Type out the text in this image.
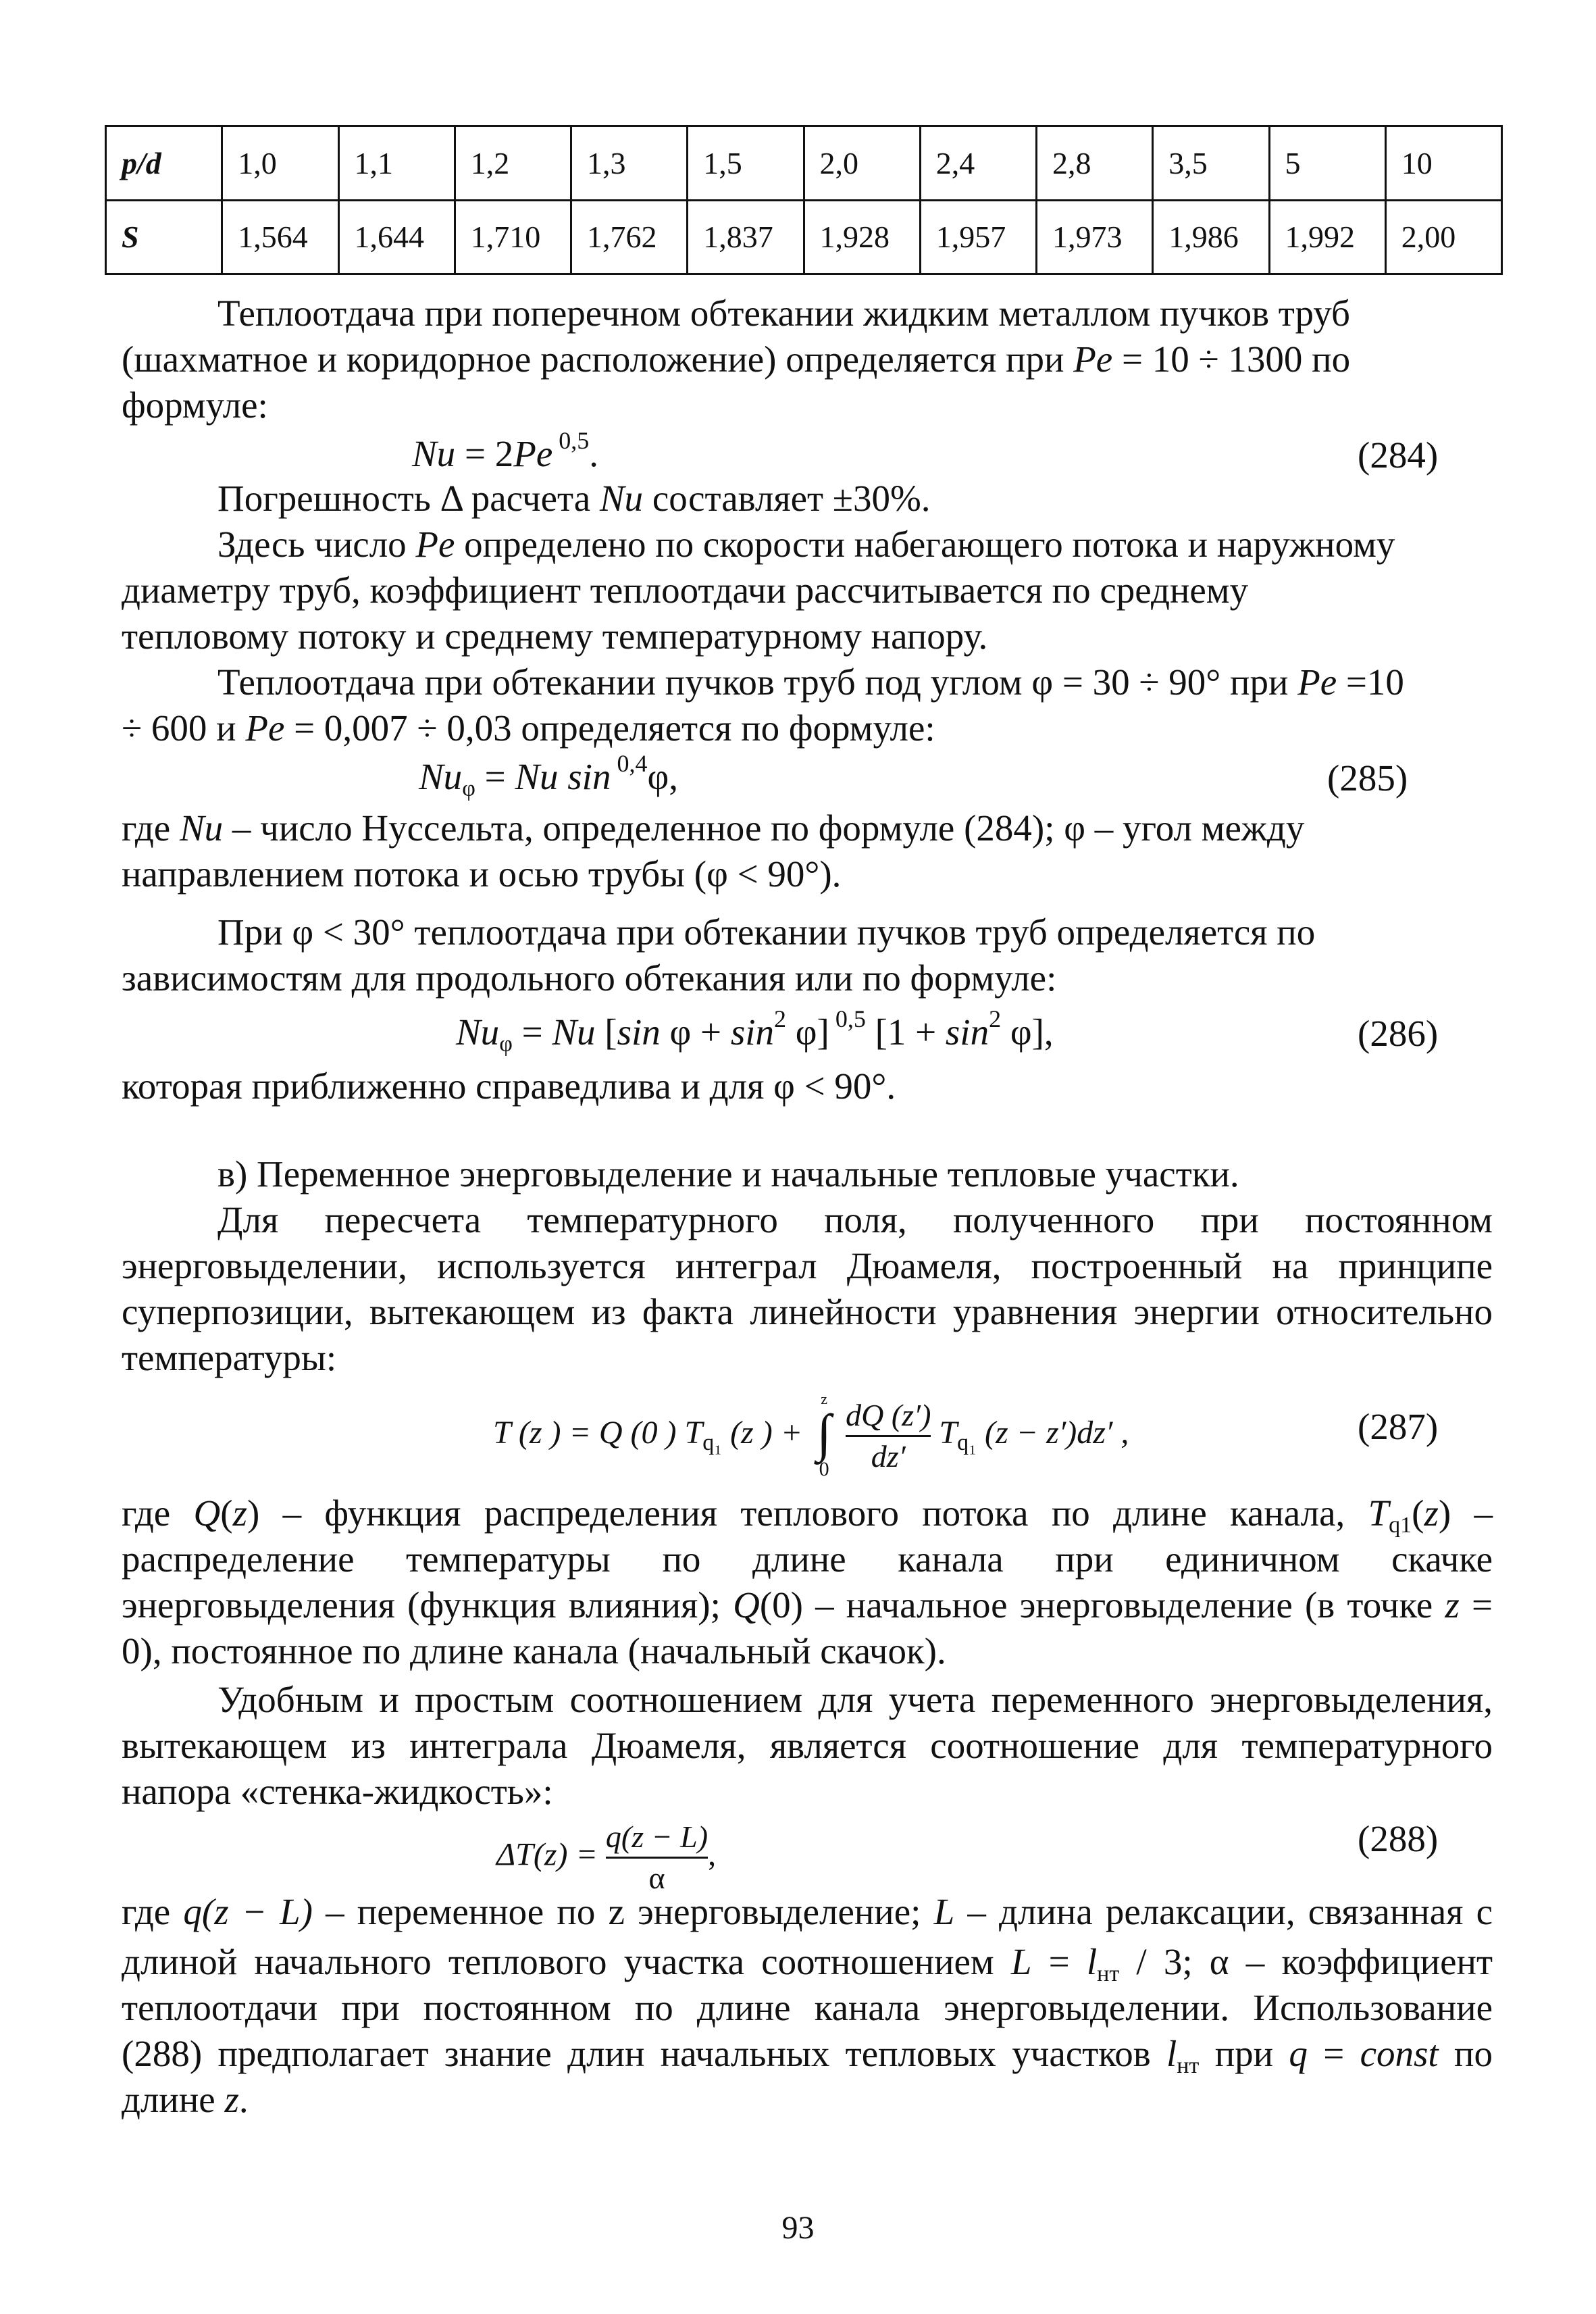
p/d	1,0	1,1	1,2	1,3	1,5	2,0	2,4	2,8	3,5	5	10
S	1,564	1,644	1,710	1,762	1,837	1,928	1,957	1,973	1,986	1,992	2,00
Теплоотдача при поперечном обтекании жидким металлом пучков труб
(шахматное и коридорное расположение) определяется при Pe = 10 ÷ 1300 по
формуле:
Nu = 2Pe $^{0,5}$.	(284)
Погрешность Δ расчета Nu составляет ±30%.
Здесь число Pe определено по скорости набегающего потока и наружному
диаметру труб, коэффициент теплоотдачи рассчитывается по среднему
тепловому потоку и среднему температурному напору.
Теплоотдача при обтекании пучков труб под углом φ = 30 ÷ 90° при Pe =10
÷ 600 и Pe = 0,007 ÷ 0,03 определяется по формуле:
$Nu_\varphi = Nu$ sin $^{0,4}$φ,	(285)
где Nu – число Нуссельта, определенное по формуле (284); φ – угол между
направлением потока и осью трубы (φ < 90°).
При φ < 30° теплоотдача при обтекании пучков труб определяется по
зависимостям для продольного обтекания или по формуле:
$Nu_\varphi = Nu$ [sin $\varphi + \sin^2 \varphi$] $^{0,5}$ $[1 + \sin^2 \varphi]$,	(286)
которая приближенно справедлива и для φ < 90°.
в) Переменное энерговыделение и начальные тепловые участки.
Для пересчета температурного поля, полученного при постоянном
энерговыделении, используется интеграл Дюамеля, построенный на принципе
суперпозиции, вытекающем из факта линейности уравнения энергии относительно
температуры:
T (z ) = Q (0 ) $T_{q_1}$ (z ) +
z
∫
0
$\frac{dQ (z')}{dz'} T_{q_1}$ (z − z′)dz′ ,	(287)
где Q(z) – функция распределения теплового потока по длине канала, $T_{q1}(z)$ –
распределение температуры по длине канала при единичном скачке
энерговыделения (функция влияния); Q(0) – начальное энерговыделение (в точке z =
0), постоянное по длине канала (начальный скачок).
Удобным и простым соотношением для учета переменного энерговыделения,
вытекающем из интеграла Дюамеля, является соотношение для температурного
напора «стенка-жидкость»:
$\Delta T(z) = \frac{q(z - L)}{\alpha}$ ,	(288)
где q(z − L) – переменное по z энерговыделение; L – длина релаксации, связанная с
длиной начального теплового участка соотношением $L = l_{нт} / 3$; α – коэффициент
теплоотдачи при постоянном по длине канала энерговыделении. Использование
(288) предполагает знание длин начальных тепловых участков $l_{нт}$ при q = const по
длине z.
93
